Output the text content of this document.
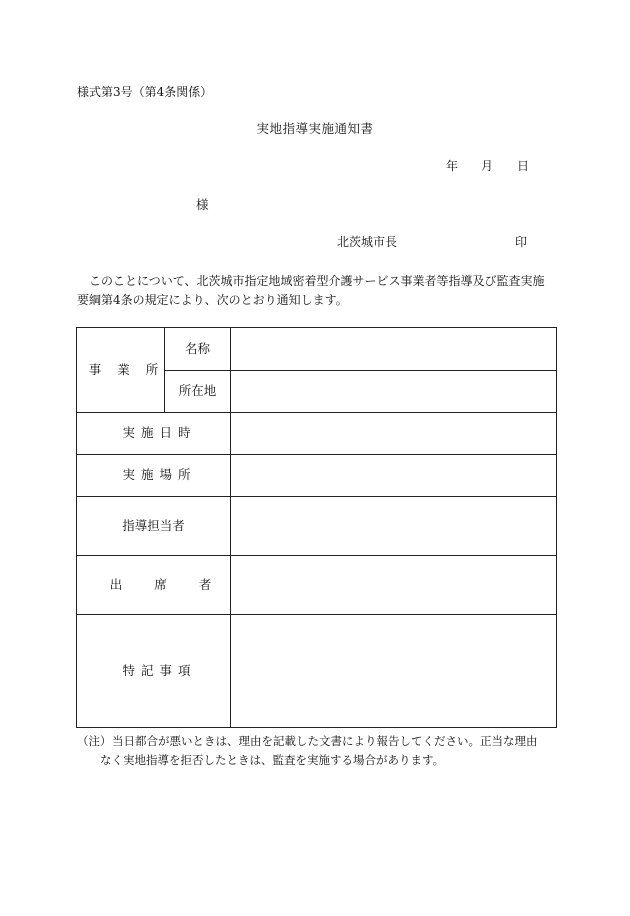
様式第3号（第4条関係）
実地指導実施通知書
年 月 日
様
北茨城市長	印
このことについて、北茨城市指定地域密着型介護サービス事業者等指導及び監査実施要綱第4条の規定により、次のとおり通知します。
事 業 所
名称
所在地
実施日時
実施場所
指導担当者
出 席 者
特記事項
（注）当日都合が悪いときは、理由を記載した文書により報告してください。正当な理由
なく実地指導を拒否したときは、監査を実施する場合があります。
